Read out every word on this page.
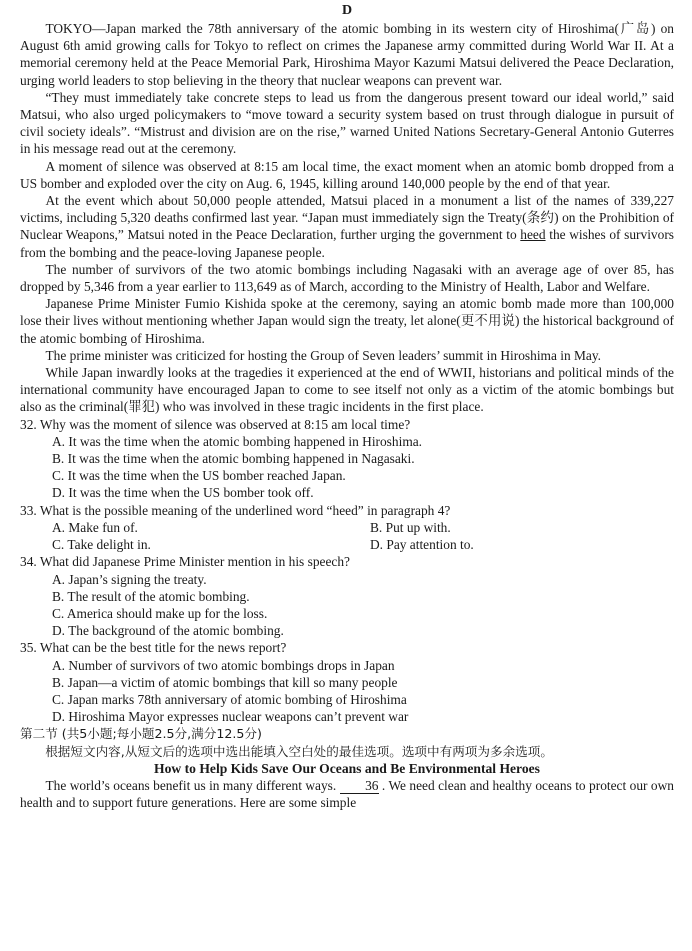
D

TOKYO—Japan marked the 78th anniversary of the atomic bombing in its western city of Hiroshima(广岛) on August 6th amid growing calls for Tokyo to reflect on crimes the Japanese army committed during World War II. At a memorial ceremony held at the Peace Memorial Park, Hiroshima Mayor Kazumi Matsui delivered the Peace Declaration, urging world leaders to stop believing in the theory that nuclear weapons can prevent war.

“They must immediately take concrete steps to lead us from the dangerous present toward our ideal world,” said Matsui, who also urged policymakers to “move toward a security system based on trust through dialogue in pursuit of civil society ideals”. “Mistrust and division are on the rise,” warned United Nations Secretary-General Antonio Guterres in his message read out at the ceremony.

A moment of silence was observed at 8:15 am local time, the exact moment when an atomic bomb dropped from a US bomber and exploded over the city on Aug. 6, 1945, killing around 140,000 people by the end of that year.

At the event which about 50,000 people attended, Matsui placed in a monument a list of the names of 339,227 victims, including 5,320 deaths confirmed last year. “Japan must immediately sign the Treaty(条约) on the Prohibition of Nuclear Weapons,” Matsui noted in the Peace Declaration, further urging the government to heed the wishes of survivors from the bombing and the peace-loving Japanese people.

The number of survivors of the two atomic bombings including Nagasaki with an average age of over 85, has dropped by 5,346 from a year earlier to 113,649 as of March, according to the Ministry of Health, Labor and Welfare.

Japanese Prime Minister Fumio Kishida spoke at the ceremony, saying an atomic bomb made more than 100,000 lose their lives without mentioning whether Japan would sign the treaty, let alone(更不用说) the historical background of the atomic bombing of Hiroshima.

The prime minister was criticized for hosting the Group of Seven leaders’ summit in Hiroshima in May.

While Japan inwardly looks at the tragedies it experienced at the end of WWII, historians and political minds of the international community have encouraged Japan to come to see itself not only as a victim of the atomic bombings but also as the criminal(罪犯) who was involved in these tragic incidents in the first place.

32. Why was the moment of silence was observed at 8:15 am local time?

A. It was the time when the atomic bombing happened in Hiroshima.

B. It was the time when the atomic bombing happened in Nagasaki.

C. It was the time when the US bomber reached Japan.

D. It was the time when the US bomber took off.

33. What is the possible meaning of the underlined word “heed” in paragraph 4?

A. Make fun of.	B. Put up with.
C. Take delight in.	D. Pay attention to.

34. What did Japanese Prime Minister mention in his speech?

A. Japan’s signing the treaty.

B. The result of the atomic bombing.

C. America should make up for the loss.

D. The background of the atomic bombing.

35. What can be the best title for the news report?

A. Number of survivors of two atomic bombings drops in Japan

B. Japan—a victim of atomic bombings that kill so many people

C. Japan marks 78th anniversary of atomic bombing of Hiroshima

D. Hiroshima Mayor expresses nuclear weapons can’t prevent war

第二节 (共5小题;每小题2.5分,满分12.5分)

根据短文内容,从短文后的选项中选出能填入空白处的最佳选项。选项中有两项为多余选项。

How to Help Kids Save Our Oceans and Be Environmental Heroes

The world’s oceans benefit us in many different ways. 36 . We need clean and healthy oceans to protect our own health and to support future generations. Here are some simple
